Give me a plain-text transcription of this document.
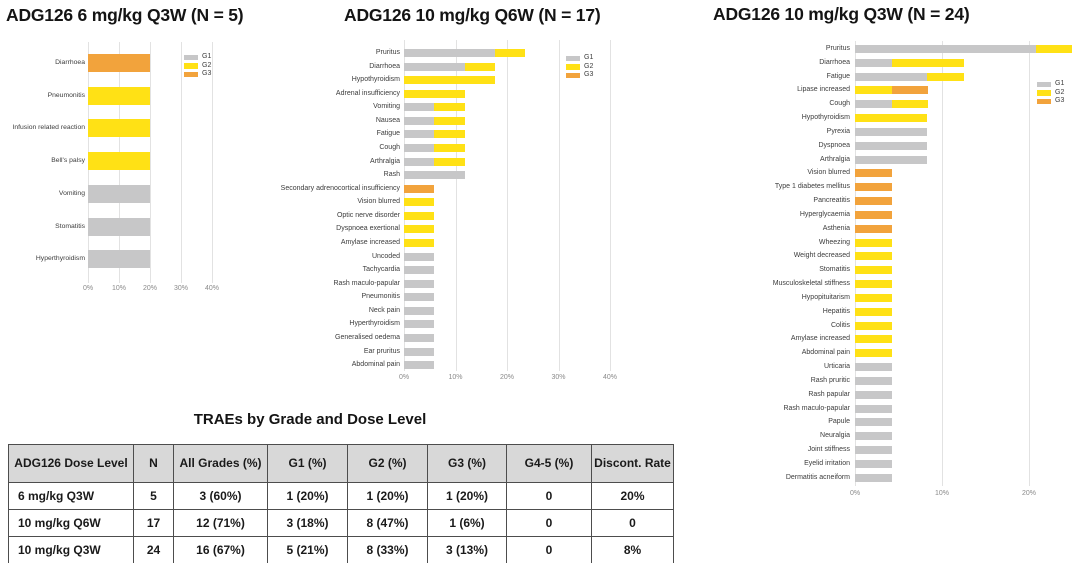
ADG126 6 mg/kg Q3W (N = 5)	ADG126 10 mg/kg Q6W (N = 17)	ADG126 10 mg/kg Q3W (N = 24)
0%	10%	20%	30%	40%
Diarrhoea
Pneumonitis
Infusion related reaction
Bell's palsy
Vomiting
Stomatitis
Hyperthyroidism
G1
G2
G3
0%	10%	20%	30%	40%
Pruritus
Diarrhoea
Hypothyroidism
Adrenal insufficiency
Vomiting
Nausea
Fatigue
Cough
Arthralgia
Rash
Secondary adrenocortical insufficiency
Vision blurred
Optic nerve disorder
Dyspnoea exertional
Amylase increased
Uncoded
Tachycardia
Rash maculo-papular
Pneumonitis
Neck pain
Hyperthyroidism
Generalised oedema
Ear pruritus
Abdominal pain
G1
G2
G3
0%	10%	20%
Pruritus
Diarrhoea
Fatigue
Lipase increased
Cough
Hypothyroidism
Pyrexia
Dyspnoea
Arthralgia
Vision blurred
Type 1 diabetes mellitus
Pancreatitis
Hyperglycaemia
Asthenia
Wheezing
Weight decreased
Stomatitis
Musculoskeletal stiffness
Hypopituitarism
Hepatitis
Colitis
Amylase increased
Abdominal pain
Urticaria
Rash pruritic
Rash papular
Rash maculo-papular
Papule
Neuralgia
Joint stiffness
Eyelid irritation
Dermatitis acneiform
G1
G2
G3
TRAEs by Grade and Dose Level
ADG126 Dose Level	N	All Grades (%)	G1 (%)	G2 (%)	G3 (%)	G4-5 (%)	Discont. Rate
6 mg/kg Q3W	5	3 (60%)	1 (20%)	1 (20%)	1 (20%)	0	20%
10 mg/kg Q6W	17	12 (71%)	3 (18%)	8 (47%)	1 (6%)	0	0
10 mg/kg Q3W	24	16 (67%)	5 (21%)	8 (33%)	3 (13%)	0	8%
